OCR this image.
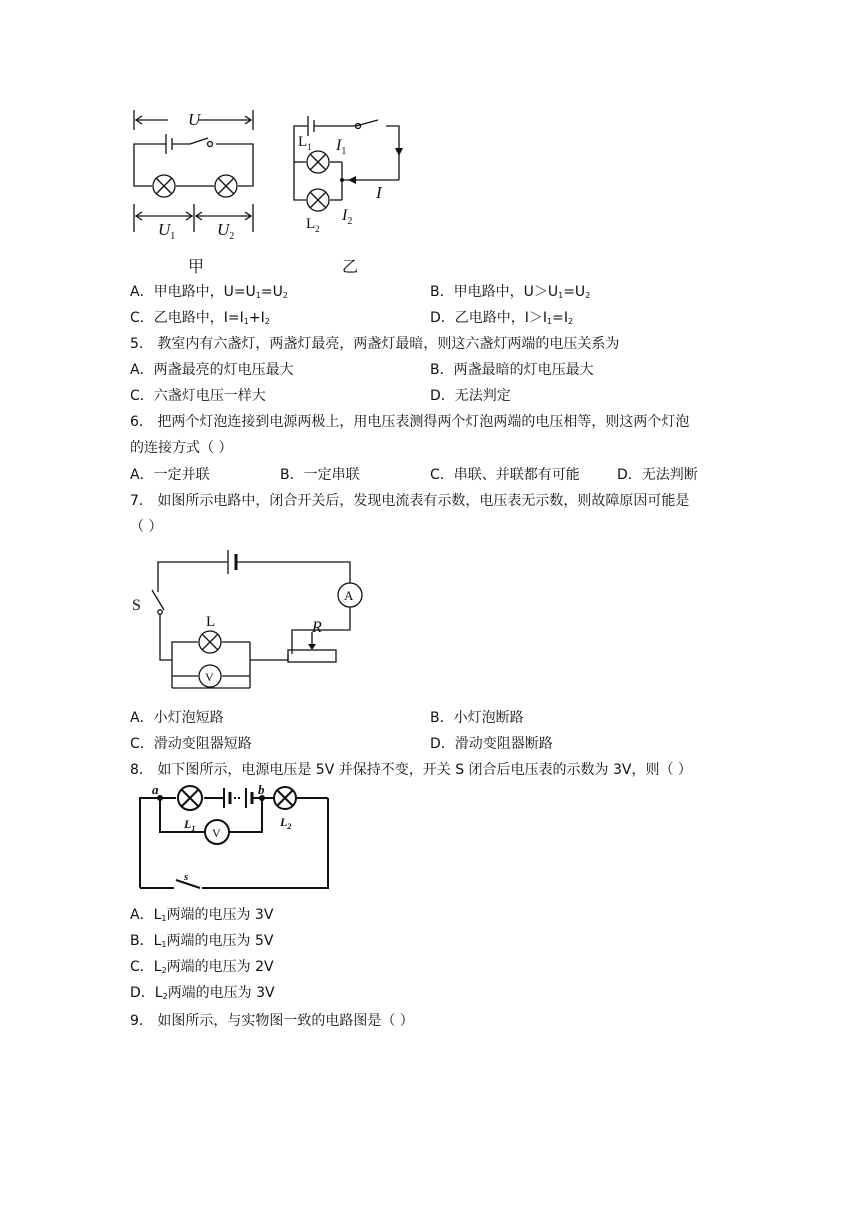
U
$U_1$ $U_2$
甲
$L_1$ $I_1$
I
$I_2$
$L_2$
乙
A．甲电路中，$U=U_1=U_2$	B．甲电路中，$U>U_1=U_2$
C．乙电路中，$I=I_1+I_2$	D．乙电路中，$I>I_1=I_2$
5． 教室内有六盏灯，两盏灯最亮，两盏灯最暗，则这六盏灯两端的电压关系为
A．两盏最亮的灯电压最大	B．两盏最暗的灯电压最大
C．六盏灯电压一样大	D．无法判定
6． 把两个灯泡连接到电源两极上，用电压表测得两个灯泡两端的电压相等，则这两个灯泡
的连接方式（ ）
A．一定并联	B．一定串联	C．串联、并联都有可能	D．无法判断
7． 如图所示电路中，闭合开关后，发现电流表有示数，电压表无示数，则故障原因可能是
（ ）
S
L	R
A
V
A．小灯泡短路	B．小灯泡断路
C．滑动变阻器短路	D．滑动变阻器断路
8． 如下图所示，电源电压是 5V 并保持不变，开关 S 闭合后电压表的示数为 3V，则（ ）
a	b
$L_1$	$L_2$
V
s
A．$L_1$两端的电压为 3V
B．$L_1$两端的电压为 5V
C．$L_2$两端的电压为 2V
D．$L_2$两端的电压为 3V
9． 如图所示，与实物图一致的电路图是（ ）
